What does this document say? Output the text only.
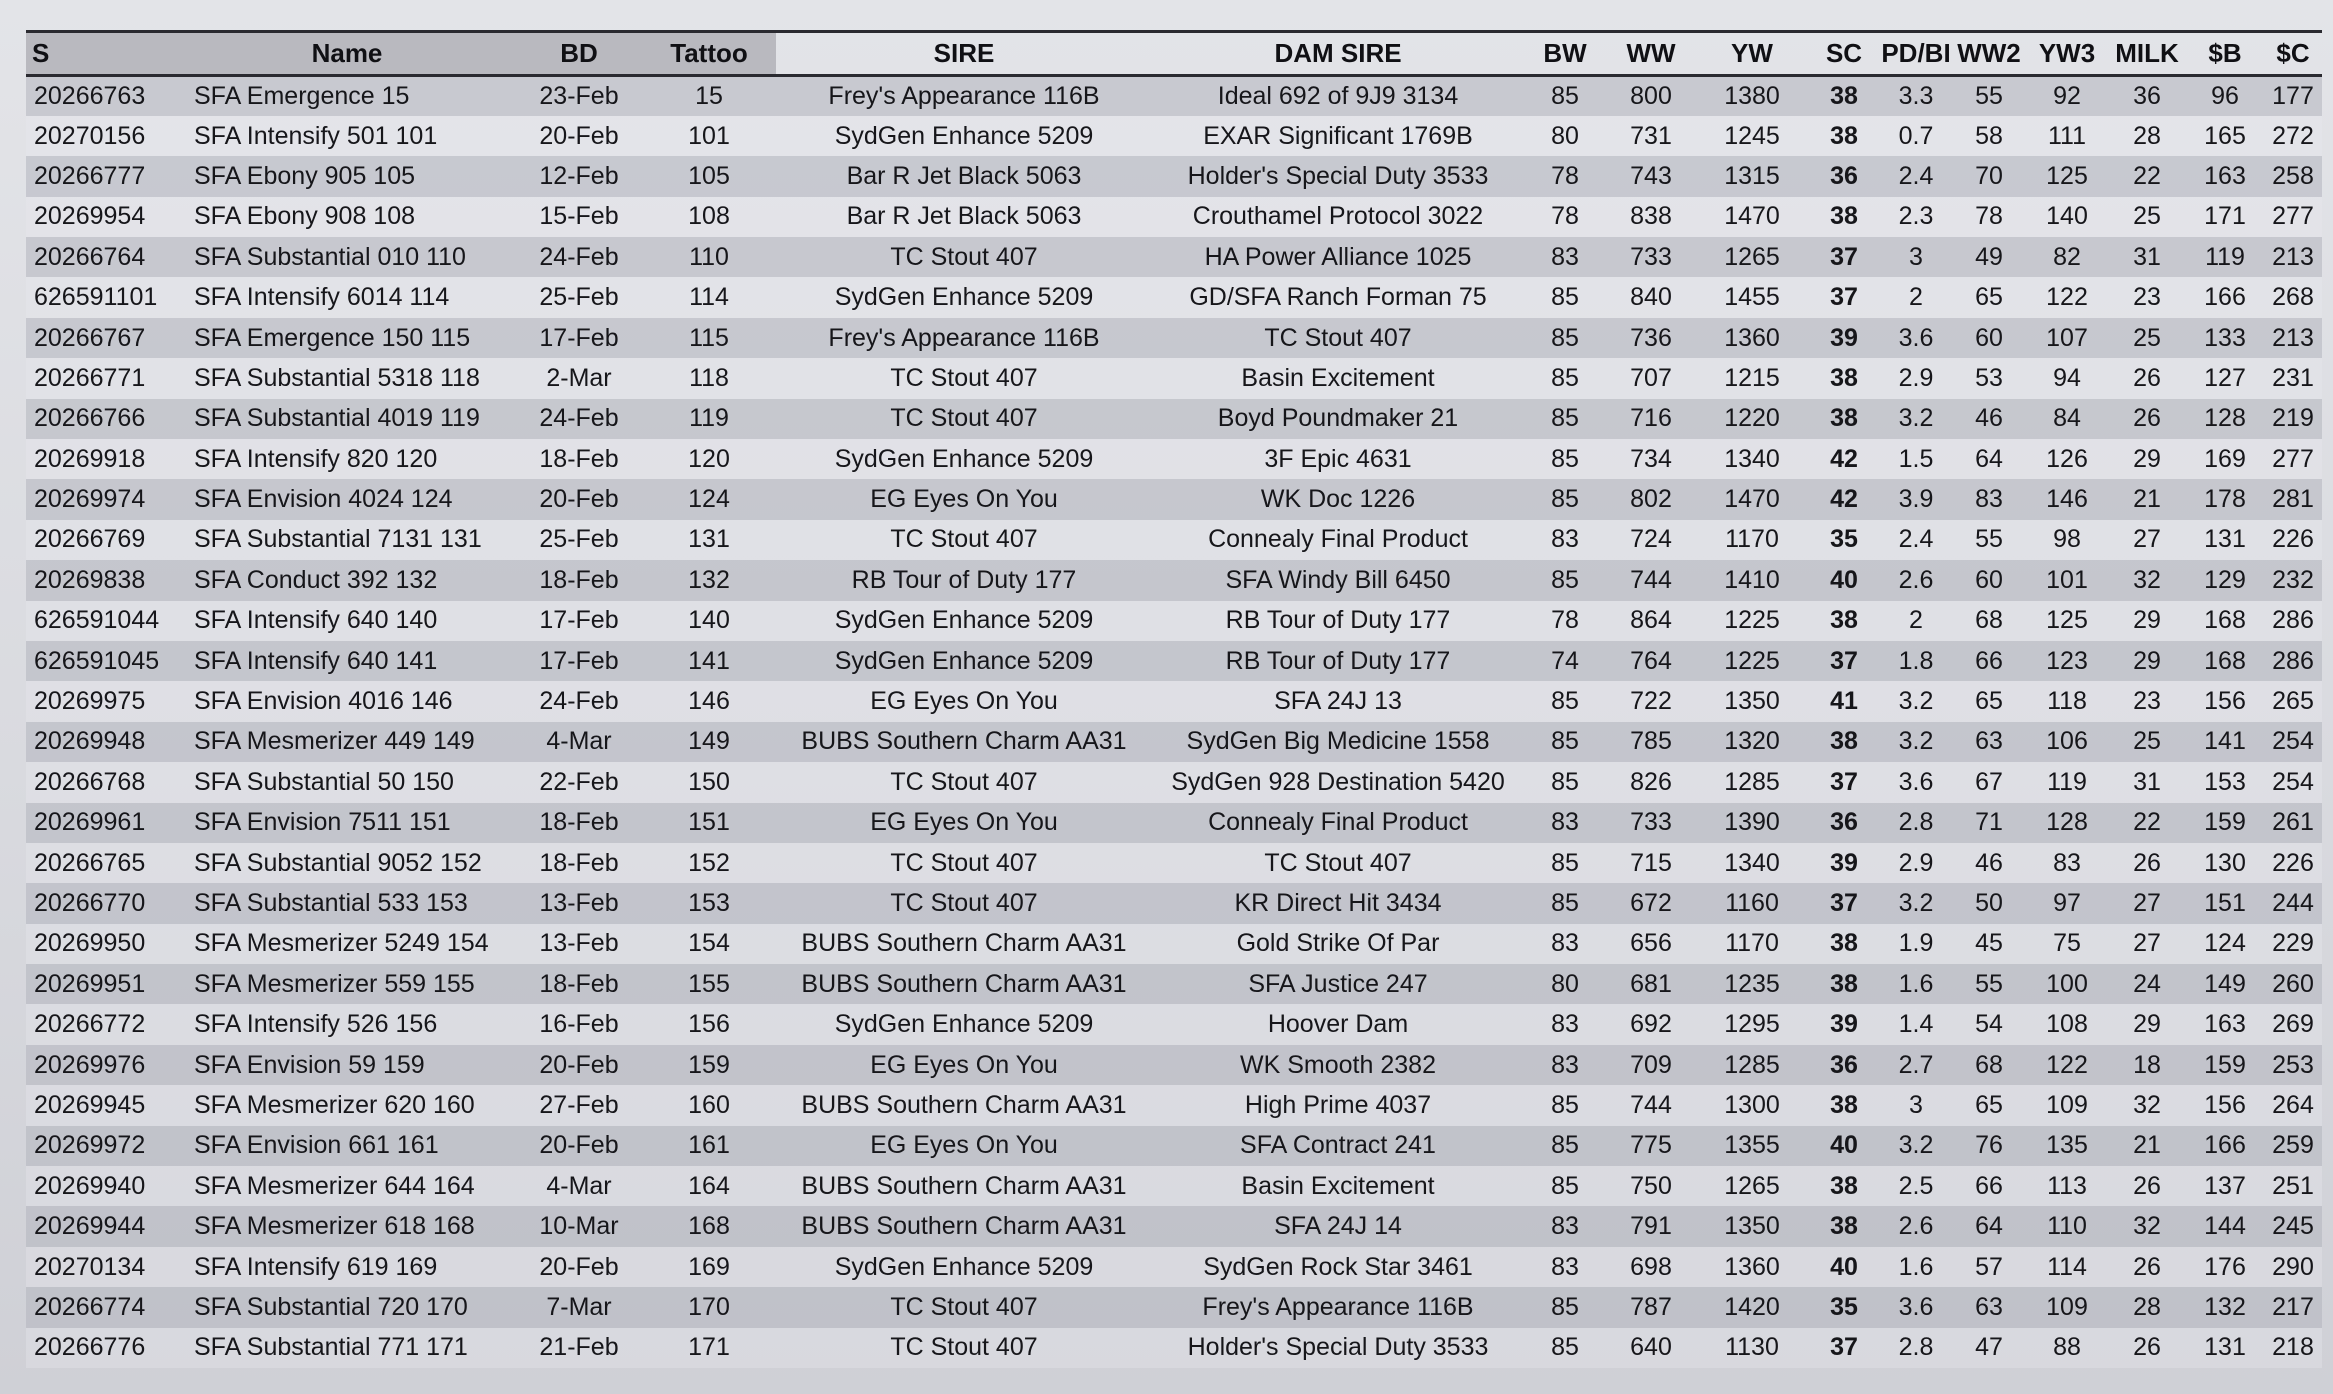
S	Name	BD	Tattoo	SIRE	DAM SIRE	BW	WW	YW	SC	PD/BI	WW2	YW3	MILK	$B	$C
20266763	SFA Emergence 15	23-Feb	15	Frey's Appearance 116B	Ideal 692 of 9J9 3134	85	800	1380	38	3.3	55	92	36	96	177
20270156	SFA Intensify 501 101	20-Feb	101	SydGen Enhance 5209	EXAR Significant 1769B	80	731	1245	38	0.7	58	111	28	165	272
20266777	SFA Ebony 905 105	12-Feb	105	Bar R Jet Black 5063	Holder's Special Duty 3533	78	743	1315	36	2.4	70	125	22	163	258
20269954	SFA Ebony 908 108	15-Feb	108	Bar R Jet Black 5063	Crouthamel Protocol 3022	78	838	1470	38	2.3	78	140	25	171	277
20266764	SFA Substantial 010 110	24-Feb	110	TC Stout 407	HA Power Alliance 1025	83	733	1265	37	3	49	82	31	119	213
626591101	SFA Intensify 6014 114	25-Feb	114	SydGen Enhance 5209	GD/SFA Ranch Forman 75	85	840	1455	37	2	65	122	23	166	268
20266767	SFA Emergence 150 115	17-Feb	115	Frey's Appearance 116B	TC Stout 407	85	736	1360	39	3.6	60	107	25	133	213
20266771	SFA Substantial 5318 118	2-Mar	118	TC Stout 407	Basin Excitement	85	707	1215	38	2.9	53	94	26	127	231
20266766	SFA Substantial 4019 119	24-Feb	119	TC Stout 407	Boyd Poundmaker 21	85	716	1220	38	3.2	46	84	26	128	219
20269918	SFA Intensify 820 120	18-Feb	120	SydGen Enhance 5209	3F Epic 4631	85	734	1340	42	1.5	64	126	29	169	277
20269974	SFA Envision 4024 124	20-Feb	124	EG Eyes On You	WK Doc 1226	85	802	1470	42	3.9	83	146	21	178	281
20266769	SFA Substantial 7131 131	25-Feb	131	TC Stout 407	Connealy Final Product	83	724	1170	35	2.4	55	98	27	131	226
20269838	SFA Conduct 392 132	18-Feb	132	RB Tour of Duty 177	SFA Windy Bill 6450	85	744	1410	40	2.6	60	101	32	129	232
626591044	SFA Intensify 640 140	17-Feb	140	SydGen Enhance 5209	RB Tour of Duty 177	78	864	1225	38	2	68	125	29	168	286
626591045	SFA Intensify 640 141	17-Feb	141	SydGen Enhance 5209	RB Tour of Duty 177	74	764	1225	37	1.8	66	123	29	168	286
20269975	SFA Envision 4016 146	24-Feb	146	EG Eyes On You	SFA 24J 13	85	722	1350	41	3.2	65	118	23	156	265
20269948	SFA Mesmerizer 449 149	4-Mar	149	BUBS Southern Charm AA31	SydGen Big Medicine 1558	85	785	1320	38	3.2	63	106	25	141	254
20266768	SFA Substantial 50 150	22-Feb	150	TC Stout 407	SydGen 928 Destination 5420	85	826	1285	37	3.6	67	119	31	153	254
20269961	SFA Envision 7511 151	18-Feb	151	EG Eyes On You	Connealy Final Product	83	733	1390	36	2.8	71	128	22	159	261
20266765	SFA Substantial 9052 152	18-Feb	152	TC Stout 407	TC Stout 407	85	715	1340	39	2.9	46	83	26	130	226
20266770	SFA Substantial 533 153	13-Feb	153	TC Stout 407	KR Direct Hit 3434	85	672	1160	37	3.2	50	97	27	151	244
20269950	SFA Mesmerizer 5249 154	13-Feb	154	BUBS Southern Charm AA31	Gold Strike Of Par	83	656	1170	38	1.9	45	75	27	124	229
20269951	SFA Mesmerizer 559 155	18-Feb	155	BUBS Southern Charm AA31	SFA Justice 247	80	681	1235	38	1.6	55	100	24	149	260
20266772	SFA Intensify 526 156	16-Feb	156	SydGen Enhance 5209	Hoover Dam	83	692	1295	39	1.4	54	108	29	163	269
20269976	SFA Envision 59 159	20-Feb	159	EG Eyes On You	WK Smooth 2382	83	709	1285	36	2.7	68	122	18	159	253
20269945	SFA Mesmerizer 620 160	27-Feb	160	BUBS Southern Charm AA31	High Prime 4037	85	744	1300	38	3	65	109	32	156	264
20269972	SFA Envision 661 161	20-Feb	161	EG Eyes On You	SFA Contract 241	85	775	1355	40	3.2	76	135	21	166	259
20269940	SFA Mesmerizer 644 164	4-Mar	164	BUBS Southern Charm AA31	Basin Excitement	85	750	1265	38	2.5	66	113	26	137	251
20269944	SFA Mesmerizer 618 168	10-Mar	168	BUBS Southern Charm AA31	SFA 24J 14	83	791	1350	38	2.6	64	110	32	144	245
20270134	SFA Intensify 619 169	20-Feb	169	SydGen Enhance 5209	SydGen Rock Star 3461	83	698	1360	40	1.6	57	114	26	176	290
20266774	SFA Substantial 720 170	7-Mar	170	TC Stout 407	Frey's Appearance 116B	85	787	1420	35	3.6	63	109	28	132	217
20266776	SFA Substantial 771 171	21-Feb	171	TC Stout 407	Holder's Special Duty 3533	85	640	1130	37	2.8	47	88	26	131	218
